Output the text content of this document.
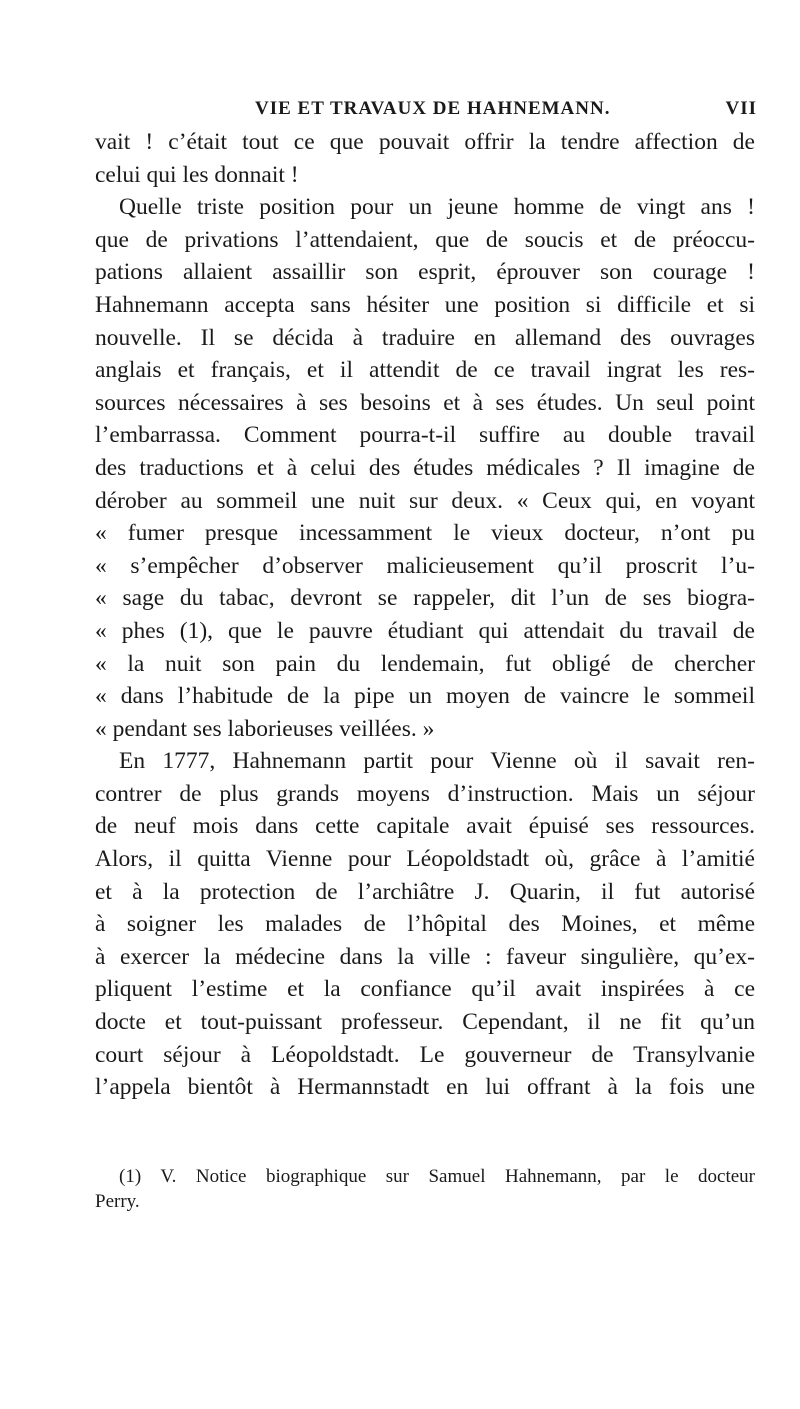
VIE ET TRAVAUX DE HAHNEMANN.	VII
vait ! c’était tout ce que pouvait offrir la tendre affection de
celui qui les donnait !
Quelle triste position pour un jeune homme de vingt ans !
que de privations l’attendaient, que de soucis et de préoccu-
pations allaient assaillir son esprit, éprouver son courage !
Hahnemann accepta sans hésiter une position si difficile et si
nouvelle. Il se décida à traduire en allemand des ouvrages
anglais et français, et il attendit de ce travail ingrat les res-
sources nécessaires à ses besoins et à ses études. Un seul point
l’embarrassa. Comment pourra-t-il suffire au double travail
des traductions et à celui des études médicales ? Il imagine de
dérober au sommeil une nuit sur deux. « Ceux qui, en voyant
« fumer presque incessamment le vieux docteur, n’ont pu
« s’empêcher d’observer malicieusement qu’il proscrit l’u-
« sage du tabac, devront se rappeler, dit l’un de ses biogra-
« phes (1), que le pauvre étudiant qui attendait du travail de
« la nuit son pain du lendemain, fut obligé de chercher
« dans l’habitude de la pipe un moyen de vaincre le sommeil
« pendant ses laborieuses veillées. »
En 1777, Hahnemann partit pour Vienne où il savait ren-
contrer de plus grands moyens d’instruction. Mais un séjour
de neuf mois dans cette capitale avait épuisé ses ressources.
Alors, il quitta Vienne pour Léopoldstadt où, grâce à l’amitié
et à la protection de l’archiâtre J. Quarin, il fut autorisé
à soigner les malades de l’hôpital des Moines, et même
à exercer la médecine dans la ville : faveur singulière, qu’ex-
pliquent l’estime et la confiance qu’il avait inspirées à ce
docte et tout-puissant professeur. Cependant, il ne fit qu’un
court séjour à Léopoldstadt. Le gouverneur de Transylvanie
l’appela bientôt à Hermannstadt en lui offrant à la fois une
(1) V. Notice biographique sur Samuel Hahnemann, par le docteur
Perry.
